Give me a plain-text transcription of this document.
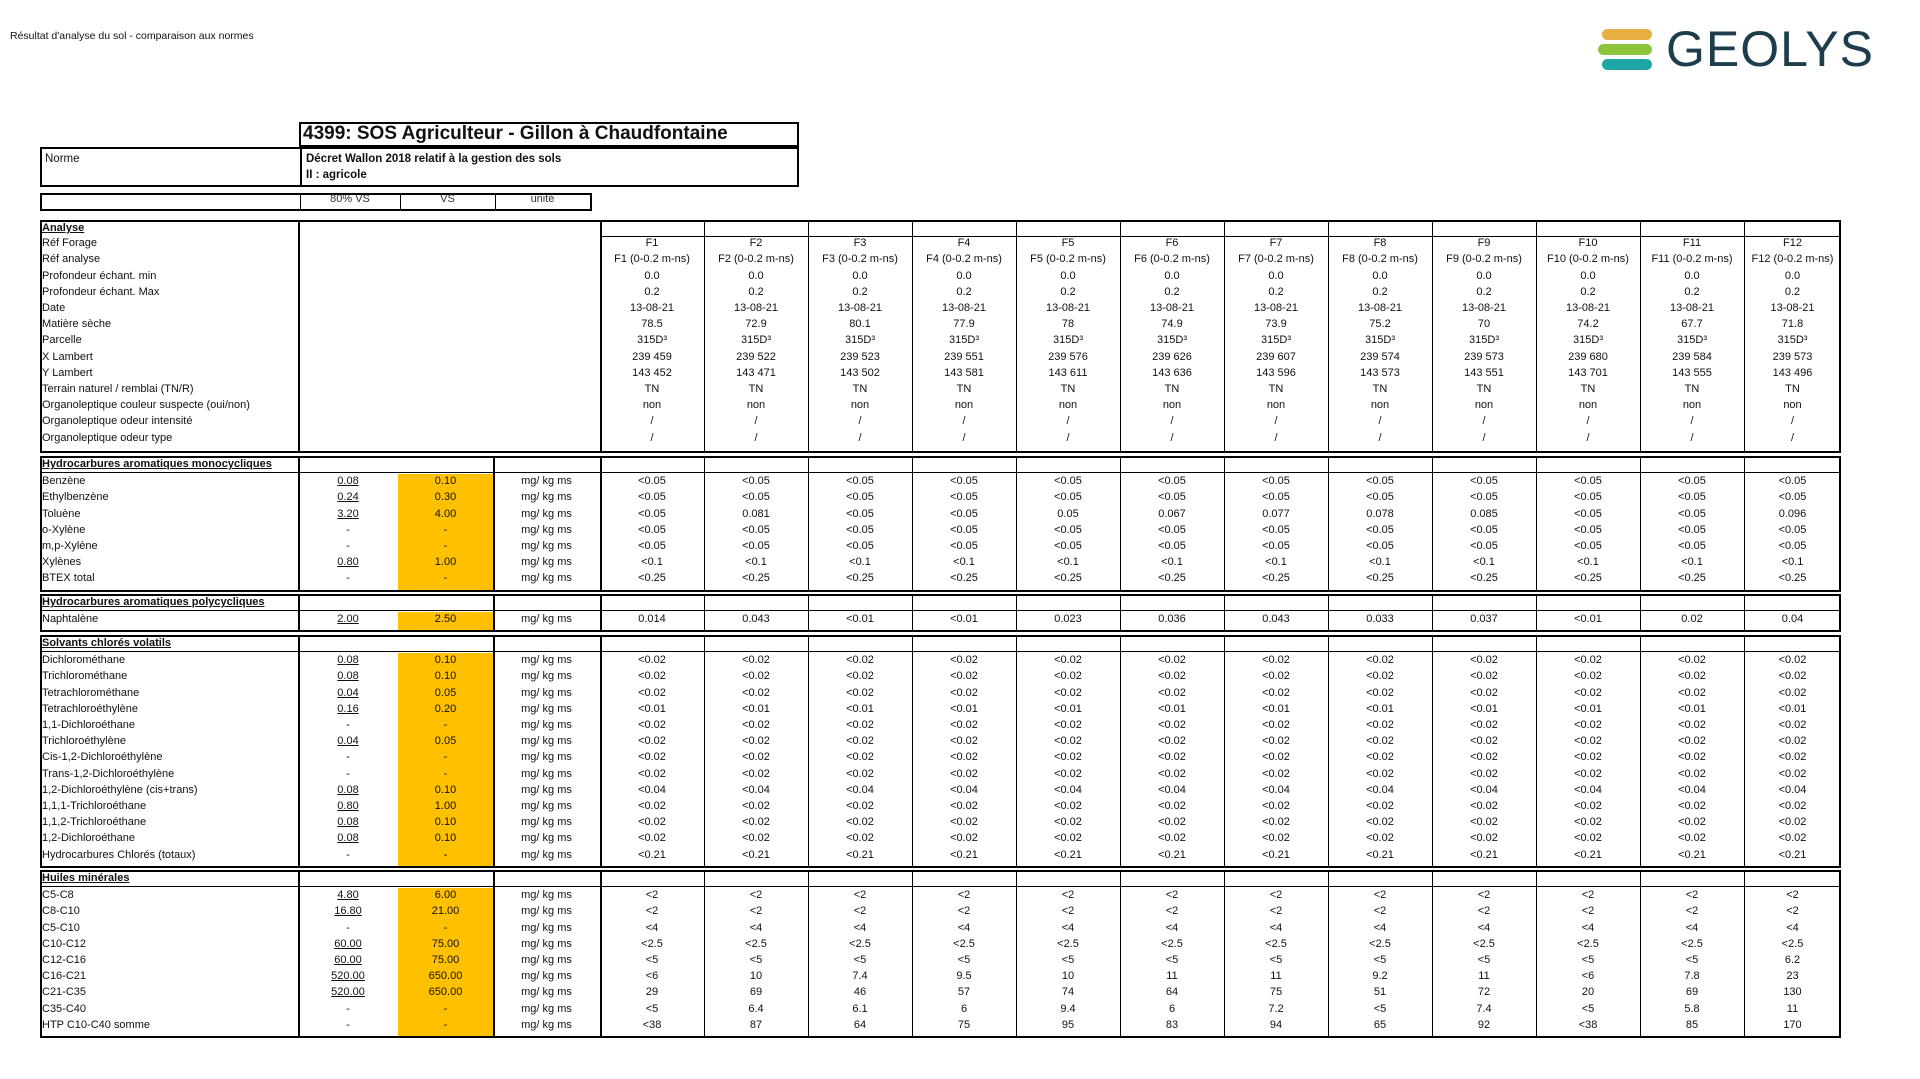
Résultat d'analyse du sol - comparaison aux normes	GEOLYS
4399: SOS Agriculteur - Gillon à Chaudfontaine
Norme	Décret Wallon 2018 relatif à la gestion des sols
II : agricole
80% VS	VS	unité
Analyse
Réf Forage	F1	F2	F3	F4	F5	F6	F7	F8	F9	F10	F11	F12
Réf analyse	F1 (0-0.2 m-ns)	F2 (0-0.2 m-ns)	F3 (0-0.2 m-ns)	F4 (0-0.2 m-ns)	F5 (0-0.2 m-ns)	F6 (0-0.2 m-ns)	F7 (0-0.2 m-ns)	F8 (0-0.2 m-ns)	F9 (0-0.2 m-ns)	F10 (0-0.2 m-ns)	F11 (0-0.2 m-ns)	F12 (0-0.2 m-ns)
Profondeur échant. min	0.0	0.0	0.0	0.0	0.0	0.0	0.0	0.0	0.0	0.0	0.0	0.0
Profondeur échant. Max	0.2	0.2	0.2	0.2	0.2	0.2	0.2	0.2	0.2	0.2	0.2	0.2
Date	13-08-21	13-08-21	13-08-21	13-08-21	13-08-21	13-08-21	13-08-21	13-08-21	13-08-21	13-08-21	13-08-21	13-08-21
Matière sèche	78.5	72.9	80.1	77.9	78	74.9	73.9	75.2	70	74.2	67.7	71.8
Parcelle	315D³	315D³	315D³	315D³	315D³	315D³	315D³	315D³	315D³	315D³	315D³	315D³
X Lambert	239 459	239 522	239 523	239 551	239 576	239 626	239 607	239 574	239 573	239 680	239 584	239 573
Y Lambert	143 452	143 471	143 502	143 581	143 611	143 636	143 596	143 573	143 551	143 701	143 555	143 496
Terrain naturel / remblai (TN/R)	TN	TN	TN	TN	TN	TN	TN	TN	TN	TN	TN	TN
Organoleptique couleur suspecte (oui/non)	non	non	non	non	non	non	non	non	non	non	non	non
Organoleptique odeur intensité	/	/	/	/	/	/	/	/	/	/	/	/
Organoleptique odeur type	/	/	/	/	/	/	/	/	/	/	/	/
Hydrocarbures aromatiques monocycliques
Benzène	0.08	0.10	mg/ kg ms	<0.05	<0.05	<0.05	<0.05	<0.05	<0.05	<0.05	<0.05	<0.05	<0.05	<0.05	<0.05
Ethylbenzène	0.24	0.30	mg/ kg ms	<0.05	<0.05	<0.05	<0.05	<0.05	<0.05	<0.05	<0.05	<0.05	<0.05	<0.05	<0.05
Toluène	3.20	4.00	mg/ kg ms	<0.05	0.081	<0.05	<0.05	0.05	0.067	0.077	0.078	0.085	<0.05	<0.05	0.096
o-Xylène	-	-	mg/ kg ms	<0.05	<0.05	<0.05	<0.05	<0.05	<0.05	<0.05	<0.05	<0.05	<0.05	<0.05	<0.05
m,p-Xylène	-	-	mg/ kg ms	<0.05	<0.05	<0.05	<0.05	<0.05	<0.05	<0.05	<0.05	<0.05	<0.05	<0.05	<0.05
Xylènes	0.80	1.00	mg/ kg ms	<0.1	<0.1	<0.1	<0.1	<0.1	<0.1	<0.1	<0.1	<0.1	<0.1	<0.1	<0.1
BTEX total	-	-	mg/ kg ms	<0.25	<0.25	<0.25	<0.25	<0.25	<0.25	<0.25	<0.25	<0.25	<0.25	<0.25	<0.25
Hydrocarbures aromatiques polycycliques
Naphtalène	2.00	2.50	mg/ kg ms	0.014	0.043	<0.01	<0.01	0.023	0.036	0.043	0.033	0.037	<0.01	0.02	0.04
Solvants chlorés volatils
Dichlorométhane	0.08	0.10	mg/ kg ms	<0.02	<0.02	<0.02	<0.02	<0.02	<0.02	<0.02	<0.02	<0.02	<0.02	<0.02	<0.02
Trichlorométhane	0.08	0.10	mg/ kg ms	<0.02	<0.02	<0.02	<0.02	<0.02	<0.02	<0.02	<0.02	<0.02	<0.02	<0.02	<0.02
Tetrachlorométhane	0.04	0.05	mg/ kg ms	<0.02	<0.02	<0.02	<0.02	<0.02	<0.02	<0.02	<0.02	<0.02	<0.02	<0.02	<0.02
Tetrachloroéthylène	0.16	0.20	mg/ kg ms	<0.01	<0.01	<0.01	<0.01	<0.01	<0.01	<0.01	<0.01	<0.01	<0.01	<0.01	<0.01
1,1-Dichloroéthane	-	-	mg/ kg ms	<0.02	<0.02	<0.02	<0.02	<0.02	<0.02	<0.02	<0.02	<0.02	<0.02	<0.02	<0.02
Trichloroéthylène	0.04	0.05	mg/ kg ms	<0.02	<0.02	<0.02	<0.02	<0.02	<0.02	<0.02	<0.02	<0.02	<0.02	<0.02	<0.02
Cis-1,2-Dichloroéthylène	-	-	mg/ kg ms	<0.02	<0.02	<0.02	<0.02	<0.02	<0.02	<0.02	<0.02	<0.02	<0.02	<0.02	<0.02
Trans-1,2-Dichloroéthylène	-	-	mg/ kg ms	<0.02	<0.02	<0.02	<0.02	<0.02	<0.02	<0.02	<0.02	<0.02	<0.02	<0.02	<0.02
1,2-Dichloroéthylène (cis+trans)	0.08	0.10	mg/ kg ms	<0.04	<0.04	<0.04	<0.04	<0.04	<0.04	<0.04	<0.04	<0.04	<0.04	<0.04	<0.04
1,1,1-Trichloroéthane	0.80	1.00	mg/ kg ms	<0.02	<0.02	<0.02	<0.02	<0.02	<0.02	<0.02	<0.02	<0.02	<0.02	<0.02	<0.02
1,1,2-Trichloroéthane	0.08	0.10	mg/ kg ms	<0.02	<0.02	<0.02	<0.02	<0.02	<0.02	<0.02	<0.02	<0.02	<0.02	<0.02	<0.02
1,2-Dichloroéthane	0.08	0.10	mg/ kg ms	<0.02	<0.02	<0.02	<0.02	<0.02	<0.02	<0.02	<0.02	<0.02	<0.02	<0.02	<0.02
Hydrocarbures Chlorés (totaux)	-	-	mg/ kg ms	<0.21	<0.21	<0.21	<0.21	<0.21	<0.21	<0.21	<0.21	<0.21	<0.21	<0.21	<0.21
Huiles minérales
C5-C8	4.80	6.00	mg/ kg ms	<2	<2	<2	<2	<2	<2	<2	<2	<2	<2	<2	<2
C8-C10	16.80	21.00	mg/ kg ms	<2	<2	<2	<2	<2	<2	<2	<2	<2	<2	<2	<2
C5-C10	-	-	mg/ kg ms	<4	<4	<4	<4	<4	<4	<4	<4	<4	<4	<4	<4
C10-C12	60.00	75.00	mg/ kg ms	<2.5	<2.5	<2.5	<2.5	<2.5	<2.5	<2.5	<2.5	<2.5	<2.5	<2.5	<2.5
C12-C16	60.00	75.00	mg/ kg ms	<5	<5	<5	<5	<5	<5	<5	<5	<5	<5	<5	6.2
C16-C21	520.00	650.00	mg/ kg ms	<6	10	7.4	9.5	10	11	11	9.2	11	<6	7.8	23
C21-C35	520.00	650.00	mg/ kg ms	29	69	46	57	74	64	75	51	72	20	69	130
C35-C40	-	-	mg/ kg ms	<5	6.4	6.1	6	9.4	6	7.2	<5	7.4	<5	5.8	11
HTP C10-C40 somme	-	-	mg/ kg ms	<38	87	64	75	95	83	94	65	92	<38	85	170
